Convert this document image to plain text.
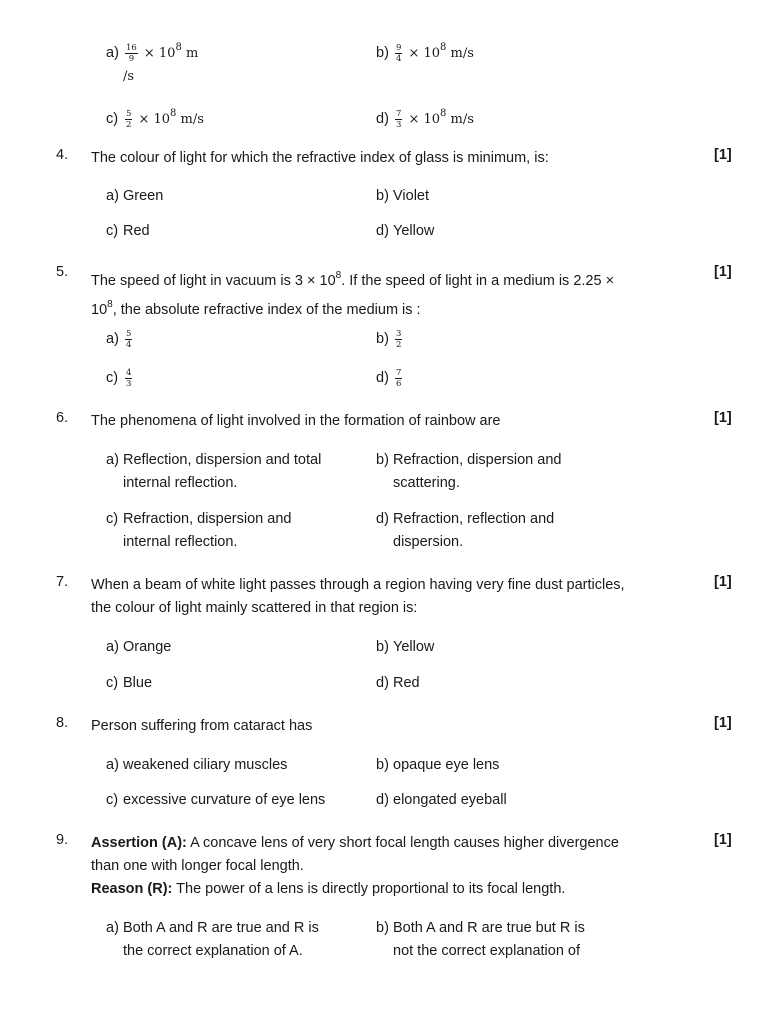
$a) \frac{16}{9} \times 10^8$ m
/s
$b) \frac{9}{4} \times 10^8$ m/s
$c) \frac{5}{2} \times 10^8$ m/s	$d) \frac{7}{3} \times 10^8$ m/s
4. The colour of light for which the refractive index of glass is minimum, is:	[1]
a) Green	b) Violet
c) Red	d) Yellow
5.
The speed of light in vacuum is $3 \times 10^8$. If the speed of light in a medium is 2.25 ×
$10^8$, the absolute refractive index of the medium is :
[1]
$a) \frac{5}{4}$	$b) \frac{3}{2}$
$c) \frac{4}{3}$	$d) \frac{7}{6}$
6. The phenomena of light involved in the formation of rainbow are	[1]
a) Reflection, dispersion and total
internal reflection.
b) Refraction, dispersion and
scattering.
c) Refraction, dispersion and
internal reflection.
d) Refraction, reflection and
dispersion.
7. When a beam of white light passes through a region having very fine dust particles,
the colour of light mainly scattered in that region is:
[1]
a) Orange	b) Yellow
c) Blue	d) Red
8. Person suffering from cataract has	[1]
a) weakened ciliary muscles	b) opaque eye lens
c) excessive curvature of eye lens	d) elongated eyeball
9. Assertion (A): A concave lens of very short focal length causes higher divergence
than one with longer focal length.
Reason (R): The power of a lens is directly proportional to its focal length.
[1]
a) Both A and R are true and R is
the correct explanation of A.
b) Both A and R are true but R is
not the correct explanation of
